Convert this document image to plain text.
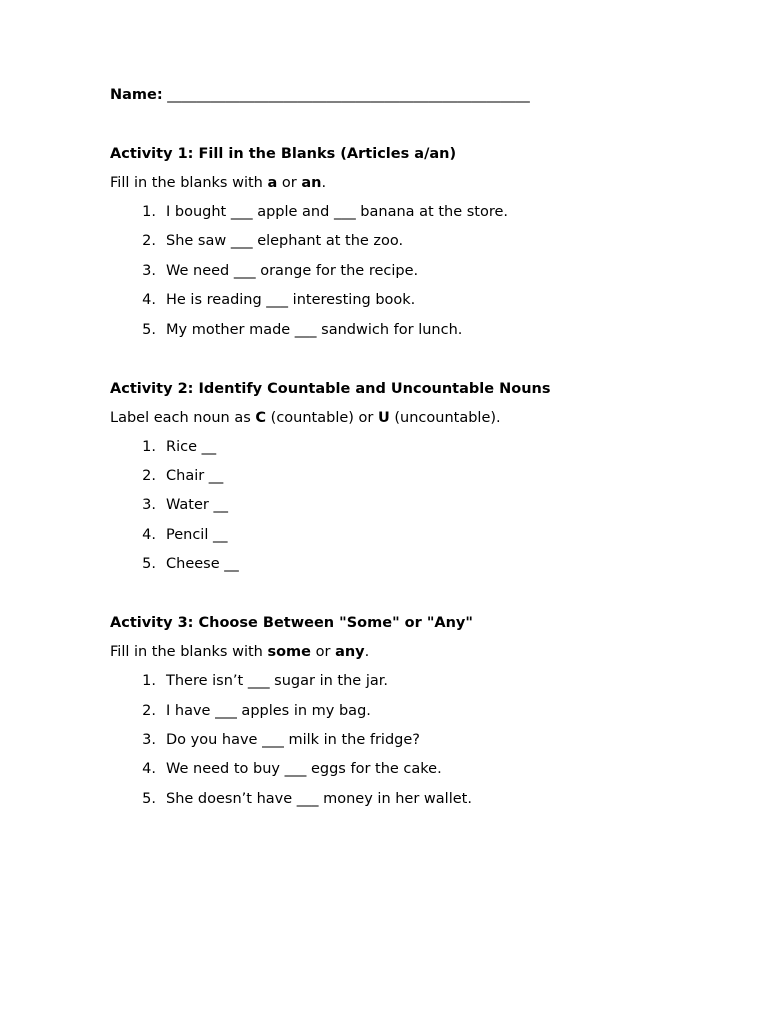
Name: __________________________________________________
Activity 1: Fill in the Blanks (Articles a/an)
Fill in the blanks with a or an.
1. I bought ___ apple and ___ banana at the store.
2. She saw ___ elephant at the zoo.
3. We need ___ orange for the recipe.
4. He is reading ___ interesting book.
5. My mother made ___ sandwich for lunch.
Activity 2: Identify Countable and Uncountable Nouns
Label each noun as C (countable) or U (uncountable).
1. Rice __
2. Chair __
3. Water __
4. Pencil __
5. Cheese __
Activity 3: Choose Between "Some" or "Any"
Fill in the blanks with some or any.
1. There isn’t ___ sugar in the jar.
2. I have ___ apples in my bag.
3. Do you have ___ milk in the fridge?
4. We need to buy ___ eggs for the cake.
5. She doesn’t have ___ money in her wallet.
